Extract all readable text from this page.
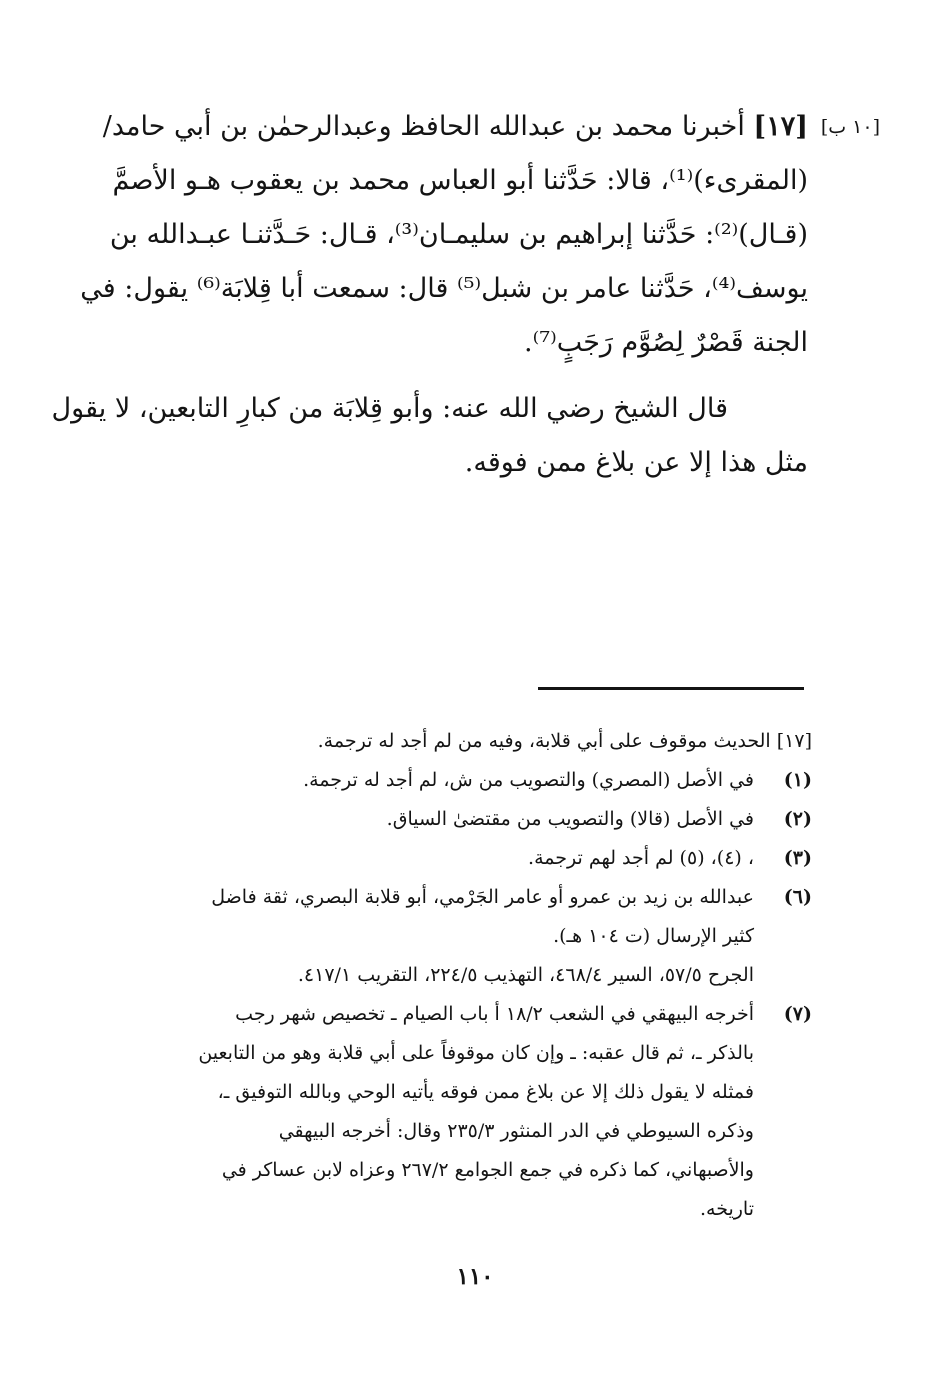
[١٠ ب]
[١٧] أخبرنا محمد بن عبدالله الحافظ وعبدالرحمٰن بن أبي حامد/
(المقرىء)⁽¹⁾، قالا: حَدَّثنا أبو العباس محمد بن يعقوب هـو الأصمَّ
(قـال)⁽²⁾: حَدَّثنا إبراهيم بن سليمـان⁽³⁾، قـال: حَـدَّثنـا عبـدالله بن
يوسف⁽⁴⁾، حَدَّثنا عامر بن شبل⁽⁵⁾ قال: سمعت أبا قِلابَة⁽⁶⁾ يقول: في
الجنة قَصْرٌ لِصُوَّم رَجَبٍ⁽⁷⁾.
قال الشيخ رضي الله عنه: وأبو قِلابَة من كبارِ التابعين، لا يقول
مثل هذا إلا عن بلاغ ممن فوقه.
[١٧] الحديث موقوف على أبي قلابة، وفيه من لم أجد له ترجمة.
(١)
في الأصل (المصري) والتصويب من ش، لم أجد له ترجمة.
(٢)
في الأصل (قالا) والتصويب من مقتضىٰ السياق.
(٣)
، (٤)، (٥) لم أجد لهم ترجمة.
(٦)
عبدالله بن زيد بن عمرو أو عامر الجَرْمي، أبو قلابة البصري، ثقة فاضل
كثير الإرسال (ت ١٠٤ هـ).
الجرح ٥٧/٥، السير ٤٦٨/٤، التهذيب ٢٢٤/٥، التقريب ٤١٧/١.
(٧)
أخرجه البيهقي في الشعب ١٨/٢ أ باب الصيام ـ تخصيص شهر رجب
بالذكر ـ، ثم قال عقبه: ـ وإن كان موقوفاً على أبي قلابة وهو من التابعين
فمثله لا يقول ذلك إلا عن بلاغ ممن فوقه يأتيه الوحي وبالله التوفيق ـ،
وذكره السيوطي في الدر المنثور ٢٣٥/٣ وقال: أخرجه البيهقي
والأصبهاني، كما ذكره في جمع الجوامع ٢٦٧/٢ وعزاه لابن عساكر في
تاريخه.
١١٠
